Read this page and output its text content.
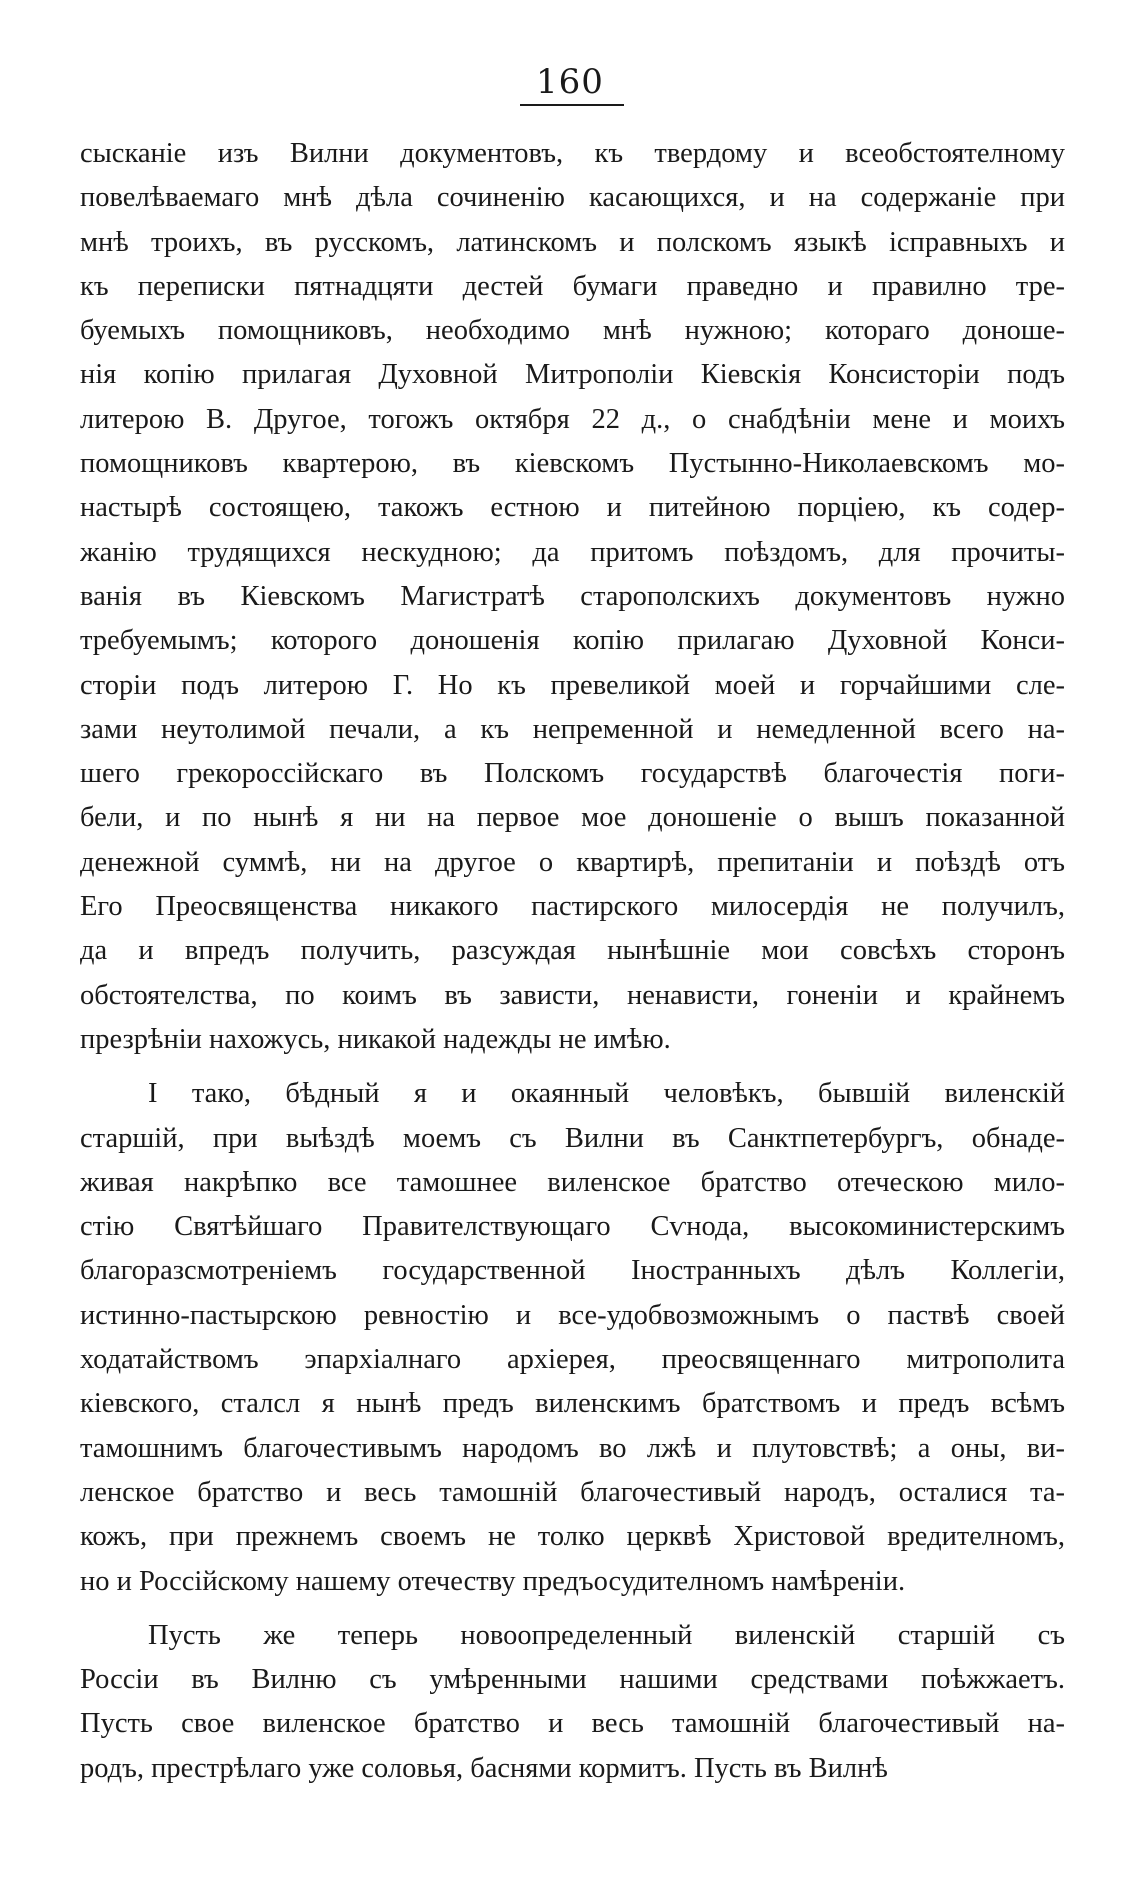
160
сысканіе изъ Вилни документовъ, къ твердому и всеобстоятелному
повелѣваемаго мнѣ дѣла сочиненію касающихся, и на содержаніе при
мнѣ троихъ, въ русскомъ, латинскомъ и полскомъ языкѣ ісправныхъ и
къ переписки пятнадцяти дестей бумаги праведно и правилно тре-
буемыхъ помощниковъ, необходимо мнѣ нужною; котораго доноше-
нія копію прилагая Духовной Митрополіи Кіевскія Консисторіи подъ
литерою В. Другое, тогожъ октября 22 д., о снабдѣніи мене и моихъ
помощниковъ квартерою, въ кіевскомъ Пустынно-Николаевскомъ мо-
настырѣ состоящею, такожъ естною и питейною порціею, къ содер-
жанію трудящихся нескудною; да притомъ поѣздомъ, для прочиты-
ванія въ Кіевскомъ Магистратѣ старополскихъ документовъ нужно
требуемымъ; которого доношенія копію прилагаю Духовной Конси-
сторіи подъ литерою Г. Но къ превеликой моей и горчайшими сле-
зами неутолимой печали, а къ непременной и немедленной всего на-
шего грекороссійскаго въ Полскомъ государствѣ благочестія поги-
бели, и по нынѣ я ни на первое мое доношеніе о вышъ показанной
денежной суммѣ, ни на другое о квартирѣ, препитаніи и поѣздѣ отъ
Его Преосвященства никакого пастирского милосердія не получилъ,
да и впредъ получить, разсуждая нынѣшніе мои совсѣхъ сторонъ
обстоятелства, по коимъ въ зависти, ненависти, гоненіи и крайнемъ
презрѣніи нахожусь, никакой надежды не имѣю.
I тако, бѣдный я и окаянный человѣкъ, бывшій виленскій
старшій, при выѣздѣ моемъ съ Вилни въ Санктпетербургъ, обнаде-
живая накрѣпко все тамошнее виленское братство отеческою мило-
стію Святѣйшаго Правителствующаго Сѵнода, высокоминистерскимъ
благоразсмотреніемъ государственной Іностранныхъ дѣлъ Коллегіи,
истинно-пастырскою ревностію и все-удобвозможнымъ о паствѣ своей
ходатайствомъ эпархіалнаго архіерея, преосвященнаго митрополита
кіевского, сталсл я нынѣ предъ виленскимъ братствомъ и предъ всѣмъ
тамошнимъ благочестивымъ народомъ во лжѣ и плутовствѣ; а оны, ви-
ленское братство и весь тамошній благочестивый народъ, осталися та-
кожъ, при прежнемъ своемъ не толко церквѣ Христовой вредителномъ,
но и Россійскому нашему отечеству предъосудителномъ намѣреніи.
Пусть же теперь новоопределенный виленскій старшій съ
Россіи въ Вилню съ умѣренными нашими средствами поѣжжаетъ.
Пусть свое виленское братство и весь тамошній благочестивый на-
родъ, престрѣлаго уже соловья, баснями кормитъ. Пусть въ Вилнѣ
